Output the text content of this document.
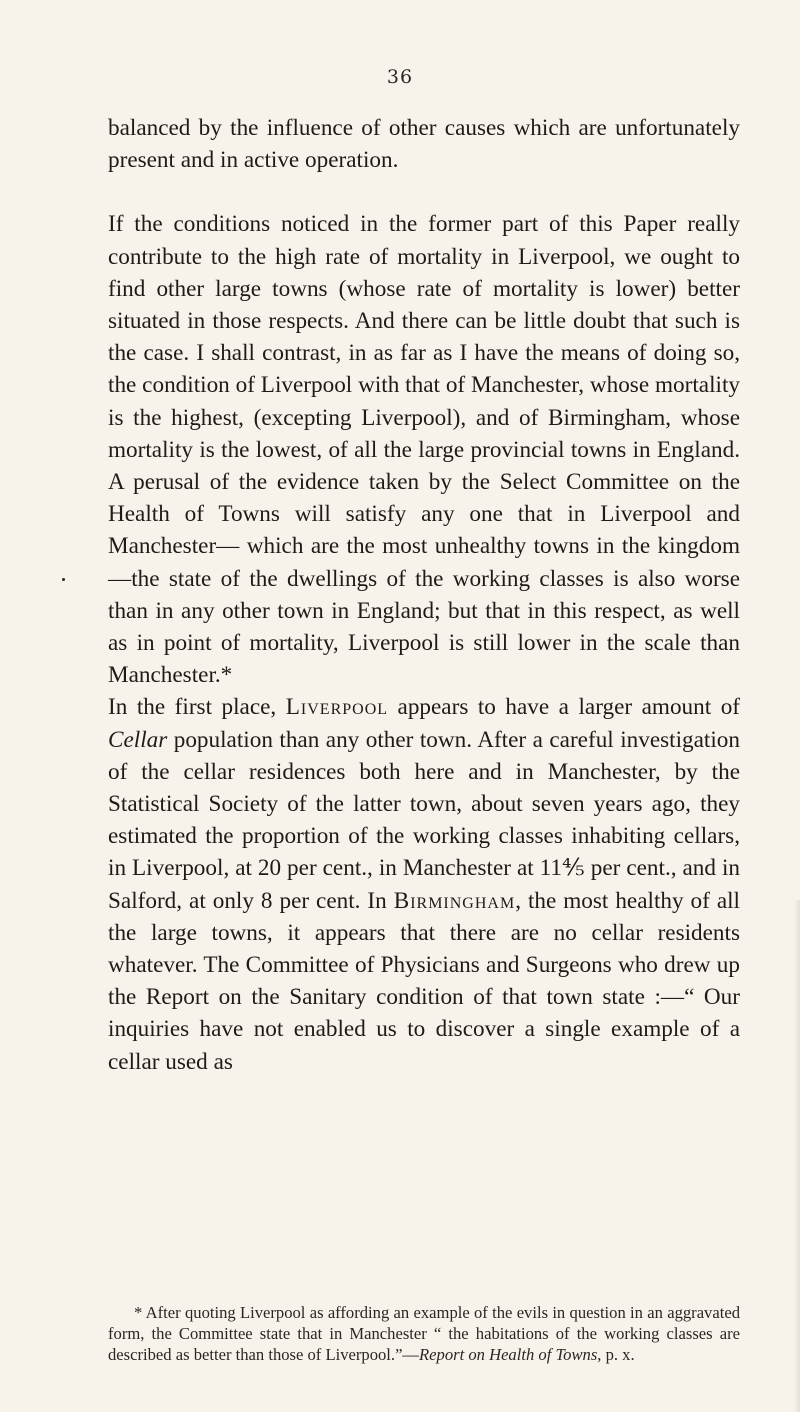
36

balanced by the influence of other causes which are unfortunately present and in active operation.

If the conditions noticed in the former part of this Paper really contribute to the high rate of mortality in Liverpool, we ought to find other large towns (whose rate of mortality is lower) better situated in those respects. And there can be little doubt that such is the case. I shall contrast, in as far as I have the means of doing so, the condition of Liverpool with that of Manchester, whose mortality is the highest, (excepting Liverpool), and of Birmingham, whose mortality is the lowest, of all the large provincial towns in England. A perusal of the evidence taken by the Select Committee on the Health of Towns will satisfy any one that in Liverpool and Manchester— which are the most unhealthy towns in the kingdom—the state of the dwellings of the working classes is also worse than in any other town in England; but that in this respect, as well as in point of mortality, Liverpool is still lower in the scale than Manchester.*

In the first place, Liverpool appears to have a larger amount of Cellar population than any other town. After a careful investigation of the cellar residences both here and in Manchester, by the Statistical Society of the latter town, about seven years ago, they estimated the proportion of the working classes inhabiting cellars, in Liverpool, at 20 per cent., in Manchester at 11⅘ per cent., and in Salford, at only 8 per cent. In Birmingham, the most healthy of all the large towns, it appears that there are no cellar residents whatever. The Committee of Physicians and Surgeons who drew up the Report on the Sanitary condition of that town state :—“ Our inquiries have not enabled us to discover a single example of a cellar used as

* After quoting Liverpool as affording an example of the evils in question in an aggravated form, the Committee state that in Manchester “ the habitations of the working classes are described as better than those of Liverpool.”—Report on Health of Towns, p. x.
